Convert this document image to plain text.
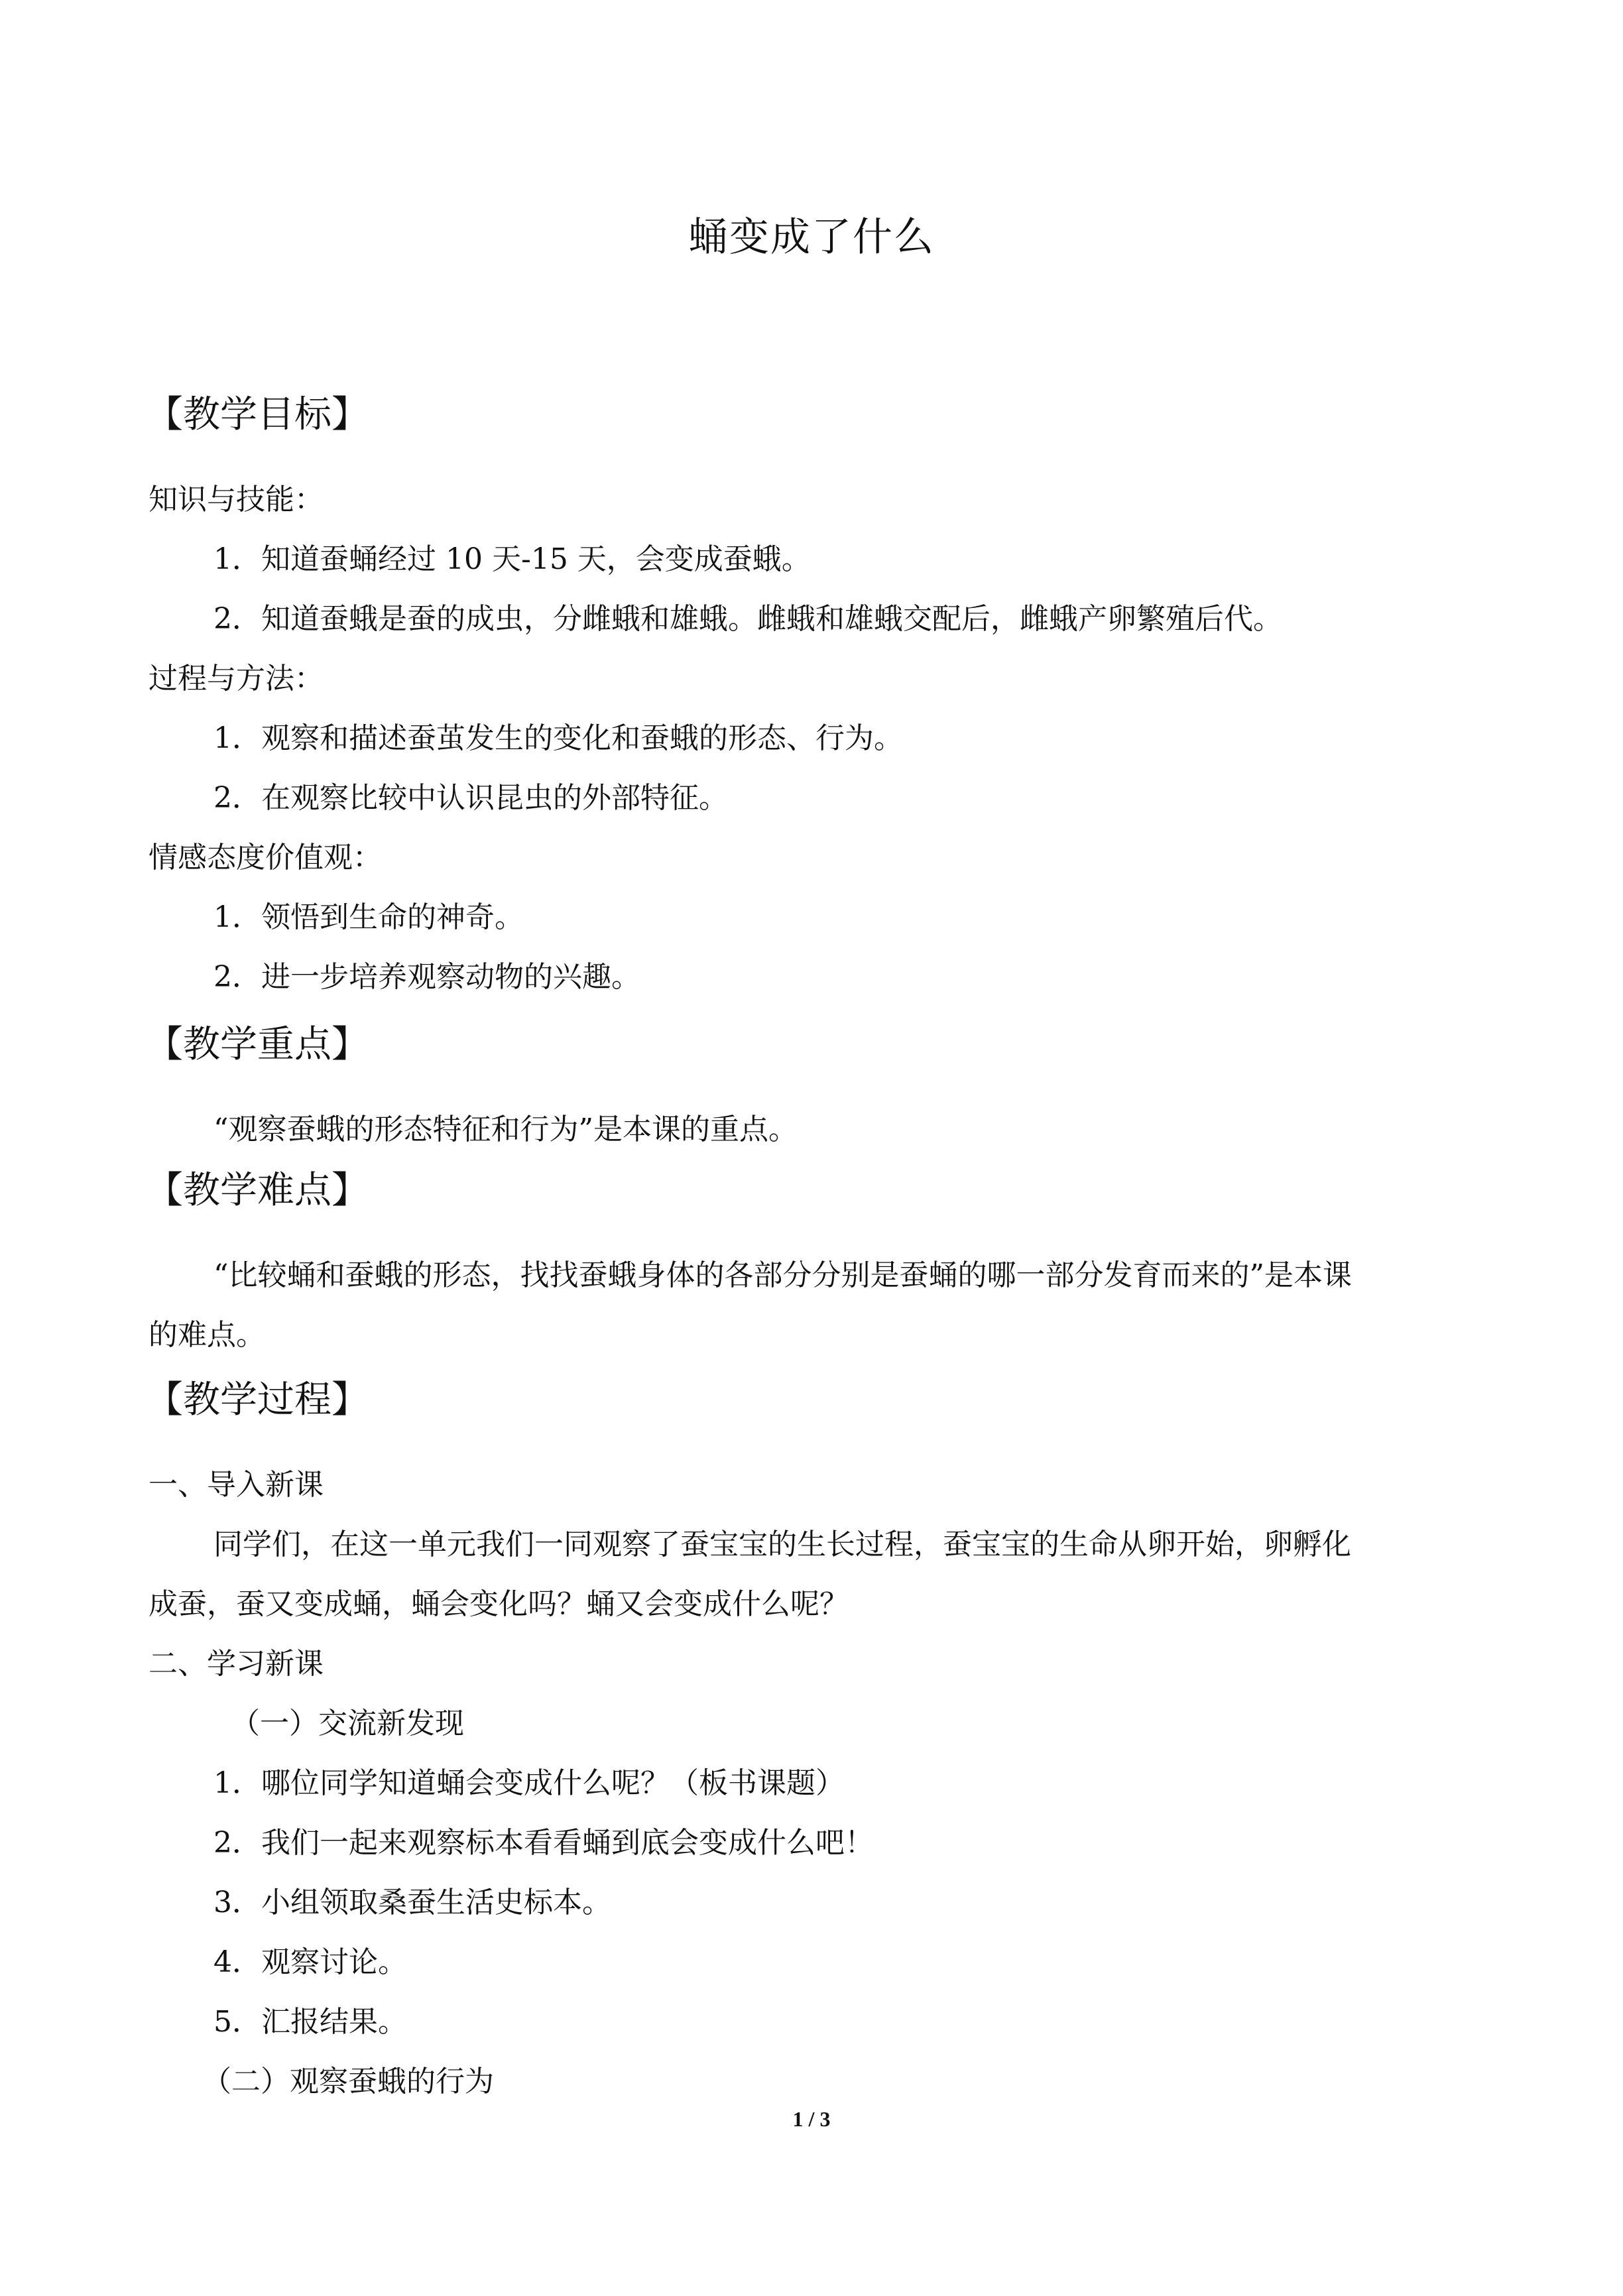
蛹变成了什么
【教学目标】
知识与技能：
1．知道蚕蛹经过 10 天-15 天，会变成蚕蛾。
2．知道蚕蛾是蚕的成虫，分雌蛾和雄蛾。雌蛾和雄蛾交配后，雌蛾产卵繁殖后代。
过程与方法：
1．观察和描述蚕茧发生的变化和蚕蛾的形态、行为。
2．在观察比较中认识昆虫的外部特征。
情感态度价值观：
1．领悟到生命的神奇。
2．进一步培养观察动物的兴趣。
【教学重点】
“观察蚕蛾的形态特征和行为”是本课的重点。
【教学难点】
“比较蛹和蚕蛾的形态，找找蚕蛾身体的各部分分别是蚕蛹的哪一部分发育而来的”是本课
的难点。
【教学过程】
一、导入新课
同学们，在这一单元我们一同观察了蚕宝宝的生长过程，蚕宝宝的生命从卵开始，卵孵化
成蚕，蚕又变成蛹，蛹会变化吗？蛹又会变成什么呢？
二、学习新课
（一）交流新发现
1．哪位同学知道蛹会变成什么呢？（板书课题）
2．我们一起来观察标本看看蛹到底会变成什么吧！
3．小组领取桑蚕生活史标本。
4．观察讨论。
5．汇报结果。
（二）观察蚕蛾的行为
1 / 3
